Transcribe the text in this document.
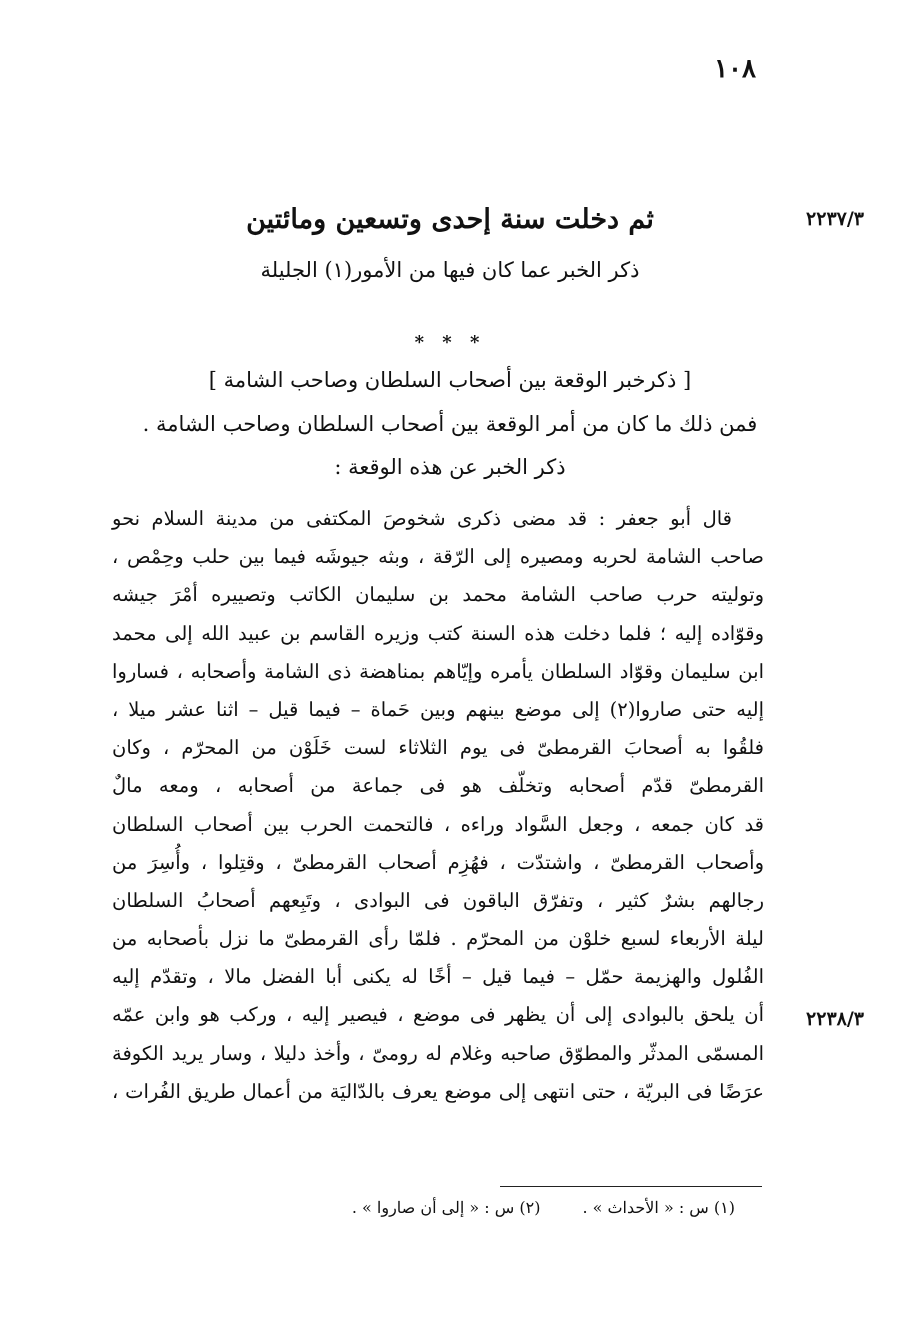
١٠٨
٢٢٣٧/٣
٢٢٣٨/٣
ثم دخلت سنة إحدى وتسعين ومائتين
ذكر الخبر عما كان فيها من الأمور(١) الجليلة
* * *
[ ذكرخبر الوقعة بين أصحاب السلطان وصاحب الشامة ]
فمن ذلك ما كان من أمر الوقعة بين أصحاب السلطان وصاحب الشامة .
ذكر الخبر عن هذه الوقعة :
قال أبو جعفر : قد مضى ذكرى شخوصَ المكتفى من مدينة السلام نحو
صاحب الشامة لحربه ومصيره إلى الرّقة ، وبثه جيوشَه فيما بين حلب وحِمْص ،
وتوليته حرب صاحب الشامة محمد بن سليمان الكاتب وتصييره أمْرَ جيشه
وقوّاده إليه ؛ فلما دخلت هذه السنة كتب وزيره القاسم بن عبيد الله إلى محمد
ابن سليمان وقوّاد السلطان يأمره وإيّاهم بمناهضة ذى الشامة وأصحابه ، فساروا
إليه حتى صاروا(٢) إلى موضع بينهم وبين حَماة – فيما قيل – اثنا عشر ميلا ،
فلقُوا به أصحابَ القرمطىّ فى يوم الثلاثاء لست خَلَوْن من المحرّم ، وكان
القرمطىّ قدّم أصحابه وتخلّف هو فى جماعة من أصحابه ، ومعه مالٌ
قد كان جمعه ، وجعل السَّواد وراءه ، فالتحمت الحرب بين أصحاب السلطان
وأصحاب القرمطىّ ، واشتدّت ، فهُزِم أصحاب القرمطىّ ، وقتِلوا ، وأُسِرَ من
رجالهم بشرٌ كثير ، وتفرّق الباقون فى البوادى ، وتَبِعهم أصحابُ السلطان
ليلة الأربعاء لسبع خلوْن من المحرّم . فلمّا رأى القرمطىّ ما نزل بأصحابه من
الفُلول والهزيمة حمّل – فيما قيل – أخًا له يكنى أبا الفضل مالا ، وتقدّم إليه
أن يلحق بالبوادى إلى أن يظهر فى موضع ، فيصير إليه ، وركب هو وابن عمّه
المسمّى المدثّر والمطوّق صاحبه وغلام له رومىّ ، وأخذ دليلا ، وسار يريد الكوفة
عرَضًا فى البريّة ، حتى انتهى إلى موضع يعرف بالدّاليَة من أعمال طريق الفُرات ،
(١) س : « الأحداث » .
(٢) س : « إلى أن صاروا » .
